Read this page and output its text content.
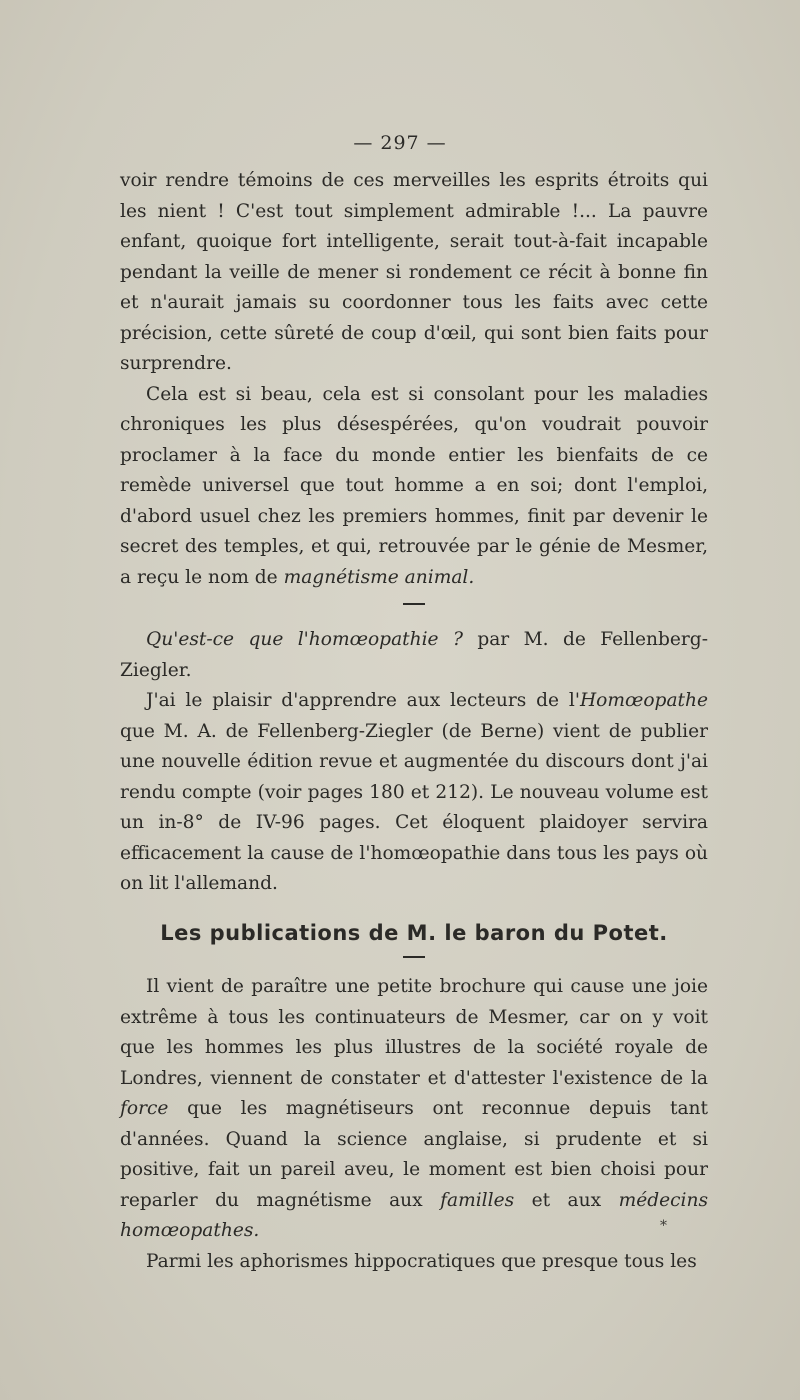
— 297 —

voir rendre témoins de ces merveilles les esprits étroits qui les nient ! C'est tout simplement admirable !... La pauvre enfant, quoique fort intelligente, serait tout-à-fait incapable pendant la veille de mener si rondement ce récit à bonne fin et n'aurait jamais su coordonner tous les faits avec cette précision, cette sûreté de coup d'œil, qui sont bien faits pour surprendre.

Cela est si beau, cela est si consolant pour les maladies chroniques les plus désespérées, qu'on voudrait pouvoir proclamer à la face du monde entier les bienfaits de ce remède universel que tout homme a en soi; dont l'emploi, d'abord usuel chez les premiers hommes, finit par devenir le secret des temples, et qui, retrouvée par le génie de Mesmer, a reçu le nom de magnétisme animal.

Qu'est-ce que l'homœopathie ? par M. de Fellenberg-Ziegler.

J'ai le plaisir d'apprendre aux lecteurs de l'Homœopathe que M. A. de Fellenberg-Ziegler (de Berne) vient de publier une nouvelle édition revue et augmentée du discours dont j'ai rendu compte (voir pages 180 et 212). Le nouveau volume est un in-8° de IV-96 pages. Cet éloquent plaidoyer servira efficacement la cause de l'homœopathie dans tous les pays où on lit l'allemand.

Les publications de M. le baron du Potet.

Il vient de paraître une petite brochure qui cause une joie extrême à tous les continuateurs de Mesmer, car on y voit que les hommes les plus illustres de la société royale de Londres, viennent de constater et d'attester l'existence de la force que les magnétiseurs ont reconnue depuis tant d'années. Quand la science anglaise, si prudente et si positive, fait un pareil aveu, le moment est bien choisi pour reparler du magnétisme aux familles et aux médecins homœopathes.

Parmi les aphorismes hippocratiques que presque tous les

*
